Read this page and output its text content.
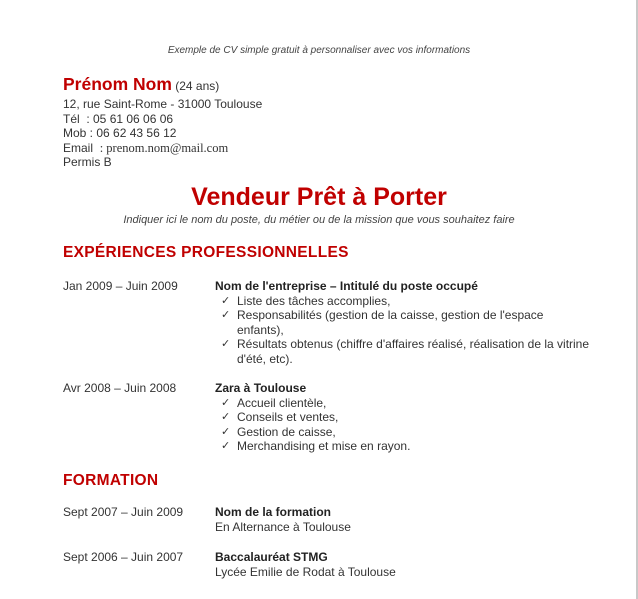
Exemple de CV simple gratuit à personnaliser avec vos informations
Prénom Nom (24 ans)
12, rue Saint-Rome - 31000 Toulouse
Tél : 05 61 06 06 06
Mob : 06 62 43 56 12
Email : prenom.nom@mail.com
Permis B
Vendeur Prêt à Porter
Indiquer ici le nom du poste, du métier ou de la mission que vous souhaitez faire
EXPÉRIENCES PROFESSIONNELLES
Jan 2009 – Juin 2009	Nom de l'entreprise – Intitulé du poste occupé
✓ Liste des tâches accomplies,
✓ Responsabilités (gestion de la caisse, gestion de l'espace enfants),
✓ Résultats obtenus (chiffre d'affaires réalisé, réalisation de la vitrine d'été, etc).
Avr 2008 – Juin 2008	Zara à Toulouse
✓ Accueil clientèle,
✓ Conseils et ventes,
✓ Gestion de caisse,
✓ Merchandising et mise en rayon.
FORMATION
Sept 2007 – Juin 2009	Nom de la formation
En Alternance à Toulouse
Sept 2006 – Juin 2007	Baccalauréat STMG
Lycée Emilie de Rodat à Toulouse
